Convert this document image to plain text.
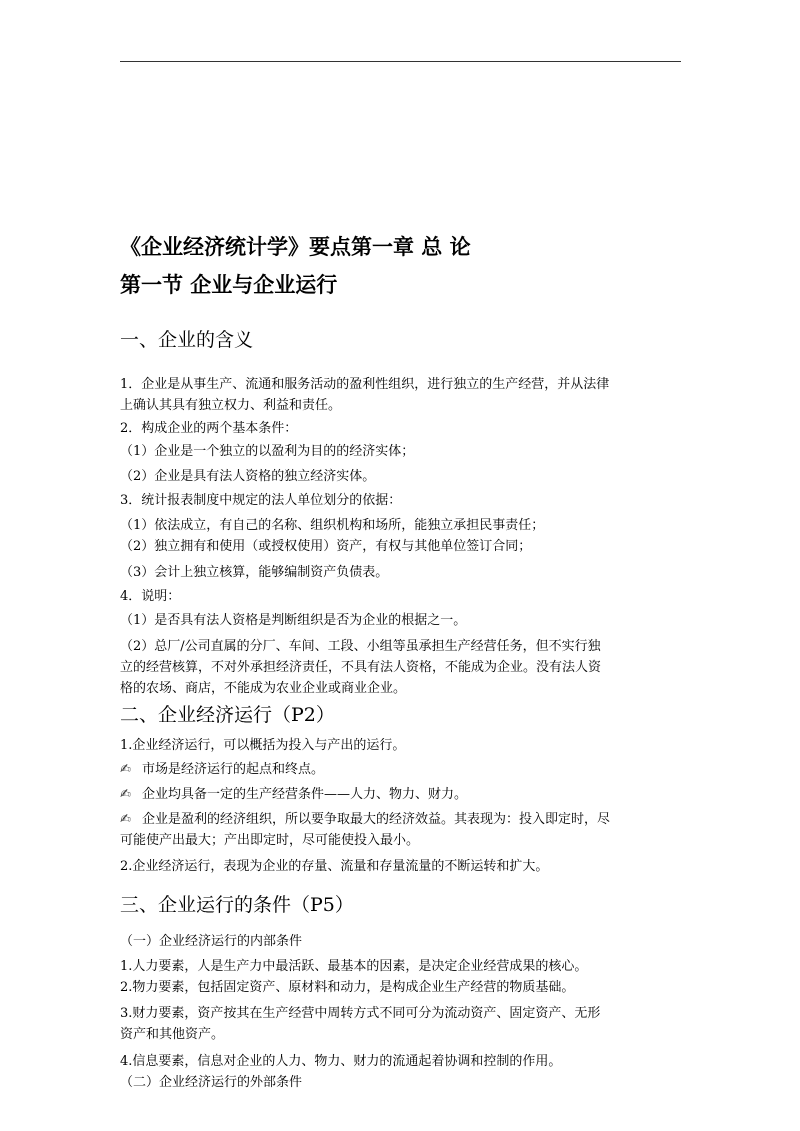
《企业经济统计学》要点第一章 总 论
第一节 企业与企业运行
一、企业的含义
1．企业是从事生产、流通和服务活动的盈利性组织，进行独立的生产经营，并从法律
上确认其具有独立权力、利益和责任。
2．构成企业的两个基本条件：
（1）企业是一个独立的以盈利为目的的经济实体；
（2）企业是具有法人资格的独立经济实体。
3．统计报表制度中规定的法人单位划分的依据：
（1）依法成立，有自己的名称、组织机构和场所，能独立承担民事责任；
（2）独立拥有和使用（或授权使用）资产，有权与其他单位签订合同；
（3）会计上独立核算，能够编制资产负债表。
4．说明：
（1）是否具有法人资格是判断组织是否为企业的根据之一。
（2）总厂/公司直属的分厂、车间、工段、小组等虽承担生产经营任务，但不实行独
立的经营核算，不对外承担经济责任，不具有法人资格，不能成为企业。没有法人资
格的农场、商店，不能成为农业企业或商业企业。
二、企业经济运行（P2）
1.企业经济运行，可以概括为投入与产出的运行。
✍ 市场是经济运行的起点和终点。
✍ 企业均具备一定的生产经营条件——人力、物力、财力。
✍ 企业是盈利的经济组织，所以要争取最大的经济效益。其表现为：投入即定时，尽
可能使产出最大；产出即定时，尽可能使投入最小。
2.企业经济运行，表现为企业的存量、流量和存量流量的不断运转和扩大。
三、企业运行的条件（P5）
（一）企业经济运行的内部条件
1.人力要素，人是生产力中最活跃、最基本的因素，是决定企业经营成果的核心。
2.物力要素，包括固定资产、原材料和动力，是构成企业生产经营的物质基础。
3.财力要素，资产按其在生产经营中周转方式不同可分为流动资产、固定资产、无形
资产和其他资产。
4.信息要素，信息对企业的人力、物力、财力的流通起着协调和控制的作用。
（二）企业经济运行的外部条件
